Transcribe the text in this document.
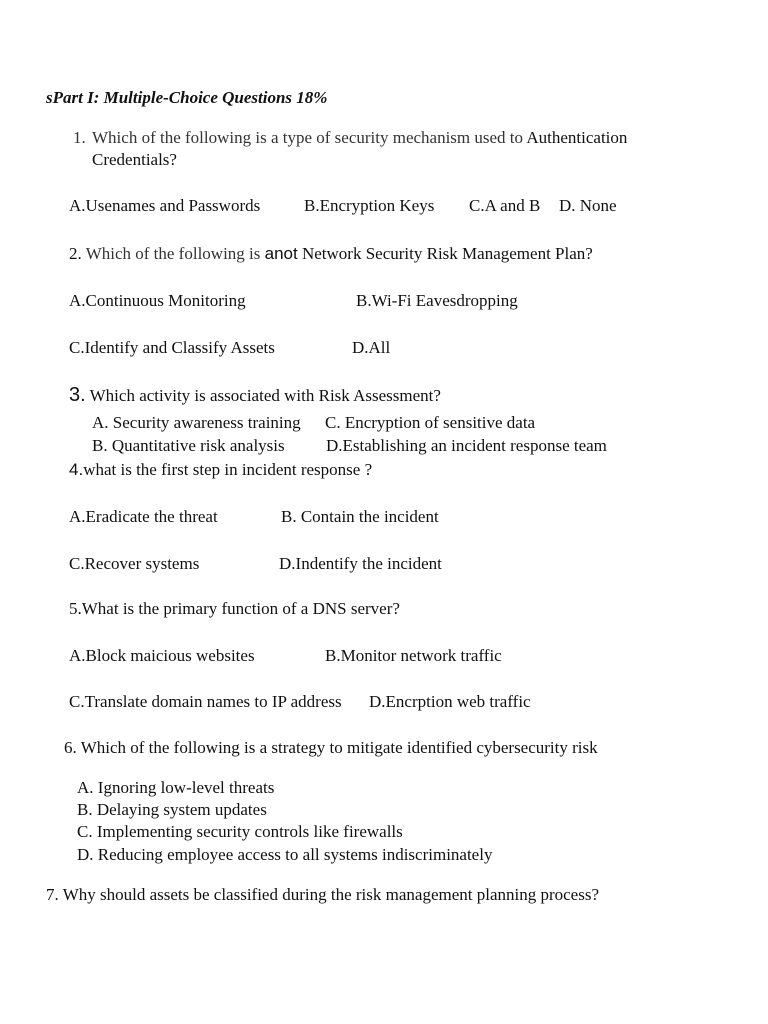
sPart I: Multiple-Choice Questions 18%
1. Which of the following is a type of security mechanism used to Authentication
Credentials?
A.Usenames and Passwords	B.Encryption Keys C.A and B D. None
2. Which of the following is anot Network Security Risk Management Plan?
A.Continuous Monitoring	B.Wi-Fi Eavesdropping
C.Identify and Classify Assets	D.All
3. Which activity is associated with Risk Assessment?
A. Security awareness training C. Encryption of sensitive data
B. Quantitative risk analysis D.Establishing an incident response team
4.what is the first step in incident response ?
A.Eradicate the threat	B. Contain the incident
C.Recover systems	D.Indentify the incident
5.What is the primary function of a DNS server?
A.Block maicious websites	B.Monitor network traffic
C.Translate domain names to IP address D.Encrption web traffic
6. Which of the following is a strategy to mitigate identified cybersecurity risk
A. Ignoring low-level threats
B. Delaying system updates
C. Implementing security controls like firewalls
D. Reducing employee access to all systems indiscriminately
7. Why should assets be classified during the risk management planning process?
